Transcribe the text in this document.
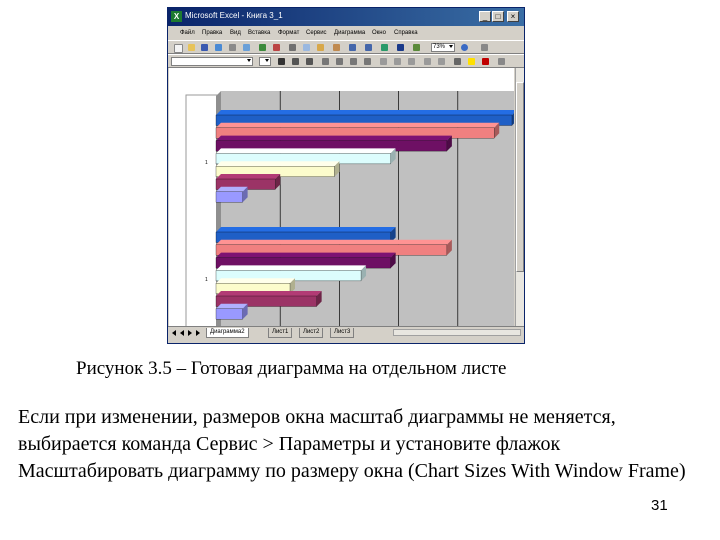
X Microsoft Excel - Книга 3_1	_	□	×
Файл Правка Вид Вставка Формат Сервис Диаграмма Окно Справка
73%
1
1
Диаграмма2	Лист1	Лист2	Лист3
Рисунок 3.5 – Готовая диаграмма на отдельном листе

Если при изменении, размеров окна масштаб диаграммы не меняется, выбирается команда Сервис > Параметры и установите флажок Масштабировать диаграмму по размеру окна (Chart Sizes With Window Frame)

31
